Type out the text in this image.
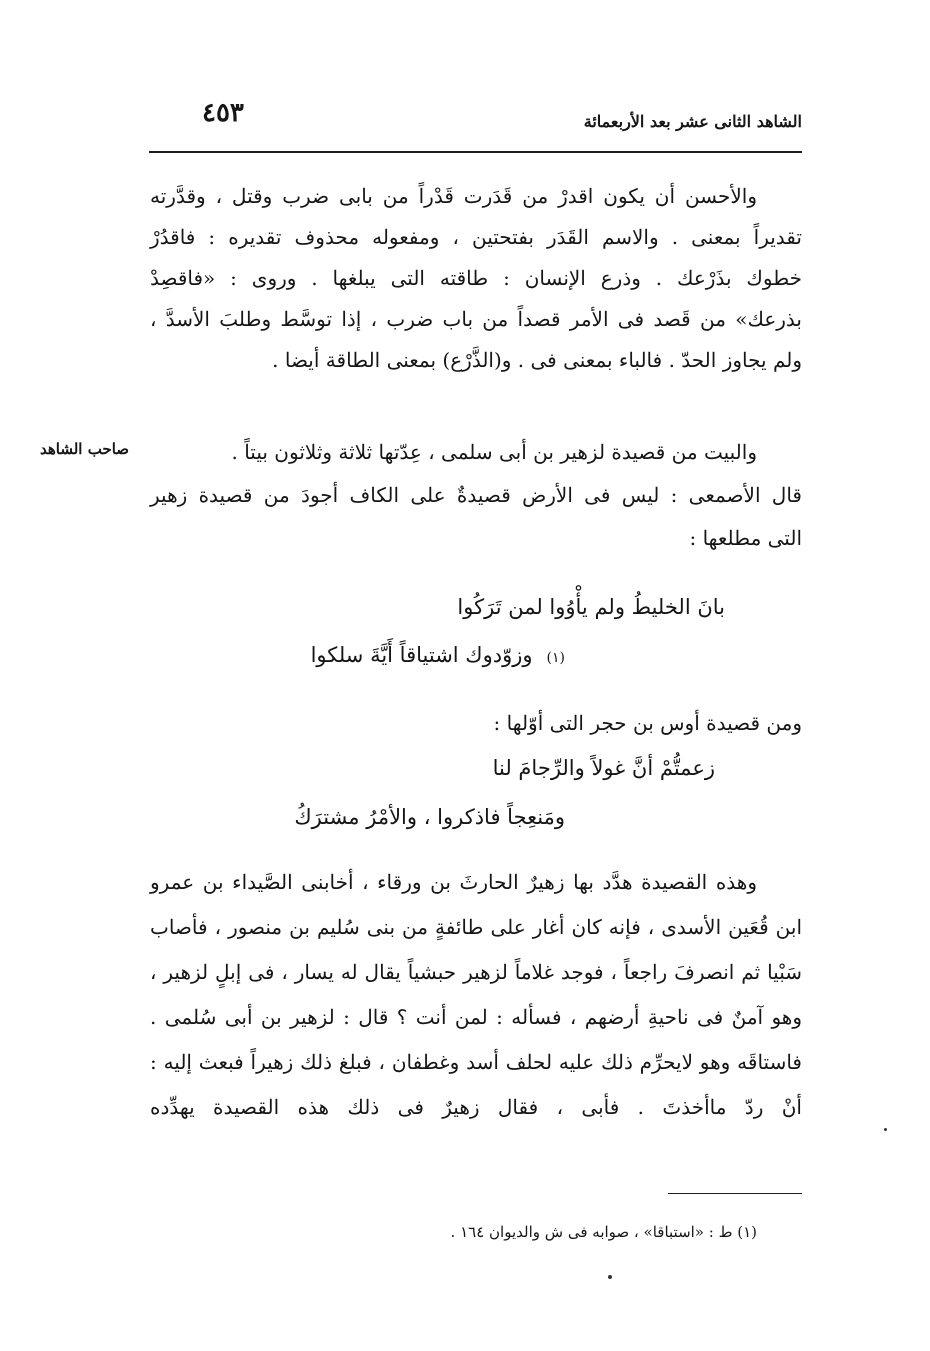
الشاهد الثانى عشر بعد الأربعمائة
٤٥٣
والأحسن أن يكون اقدرْ من قَدَرت قَدْراً من بابى ضرب وقتل ، وقدَّرته
تقديراً بمعنى . والاسم القَدَر بفتحتين ، ومفعوله محذوف تقديره : فاقدُرْ
خطوك بذَرْعك . وذرع الإنسان : طاقته التى يبلغها . وروى : «فاقصِدْ
بذرعك» من قَصد فى الأمر قصداً من باب ضرب ، إذا توسَّط وطلبَ الأسدَّ ،
ولم يجاوز الحدّ . فالباء بمعنى فى . و(الذَّرْع) بمعنى الطاقة أيضا .
صاحب الشاهد	والبيت من قصيدة لزهير بن أبى سلمى ، عِدّتها ثلاثة وثلاثون بيتاً .
قال الأصمعى : ليس فى الأرض قصيدةٌ على الكاف أجودَ من قصيدة زهير
التى مطلعها :
بانَ الخليطُ ولم يأْوُوا لمن تَرَكُوا
(١)وزوّدوك اشتياقاً أَيَّةَ سلكوا
ومن قصيدة أوس بن حجر التى أوّلها :
زعمتُّمْ أنَّ غولاً والرِّجامَ لنا
ومَنعِجاً فاذكروا ، والأمْرُ مشترَكُ
وهذه القصيدة هدَّد بها زهيرٌ الحارثَ بن ورقاء ، أخابنى الصَّيداء بن عمرو
ابن قُعَين الأسدى ، فإنه كان أغار على طائفةٍ من بنى سُليم بن منصور ، فأصاب
سَبْيا ثم انصرفَ راجعاً ، فوجد غلاماً لزهير حبشياً يقال له يسار ، فى إبلٍ لزهير ،
وهو آمنٌ فى ناحيةِ أرضهم ، فسأله : لمن أنت ؟ قال : لزهير بن أبى سُلمى .
فاستاقَه وهو لايحرِّم ذلك عليه لحلف أسد وغطفان ، فبلغ ذلك زهيراً فبعث إليه :
أنْ ردّ ماأخذتَ . فأبى ، فقال زهيرٌ فى ذلك هذه القصيدة يهدِّده
(١) ط : «استباقا» ، صوابه فى ش والديوان ١٦٤ .
